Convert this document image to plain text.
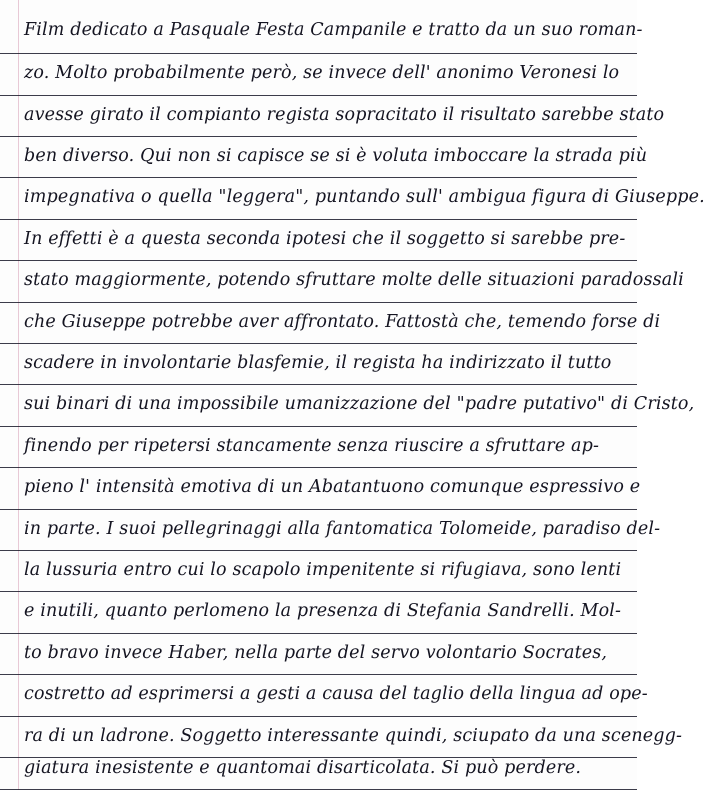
Film dedicato a Pasquale Festa Campanile e tratto da un suo roman-
zo. Molto probabilmente però, se invece dell' anonimo Veronesi lo
avesse girato il compianto regista sopracitato il risultato sarebbe stato
ben diverso. Qui non si capisce se si è voluta imboccare la strada più
impegnativa o quella "leggera", puntando sull' ambigua figura di Giuseppe.
In effetti è a questa seconda ipotesi che il soggetto si sarebbe pre-
stato maggiormente, potendo sfruttare molte delle situazioni paradossali
che Giuseppe potrebbe aver affrontato. Fattostà che, temendo forse di
scadere in involontarie blasfemie, il regista ha indirizzato il tutto
sui binari di una impossibile umanizzazione del "padre putativo" di Cristo,
finendo per ripetersi stancamente senza riuscire a sfruttare ap-
pieno l' intensità emotiva di un Abatantuono comunque espressivo e
in parte. I suoi pellegrinaggi alla fantomatica Tolomeide, paradiso del-
la lussuria entro cui lo scapolo impenitente si rifugiava, sono lenti
e inutili, quanto perlomeno la presenza di Stefania Sandrelli. Mol-
to bravo invece Haber, nella parte del servo volontario Socrates,
costretto ad esprimersi a gesti a causa del taglio della lingua ad ope-
ra di un ladrone. Soggetto interessante quindi, sciupato da una scenegg-
giatura inesistente e quantomai disarticolata. Si può perdere.
